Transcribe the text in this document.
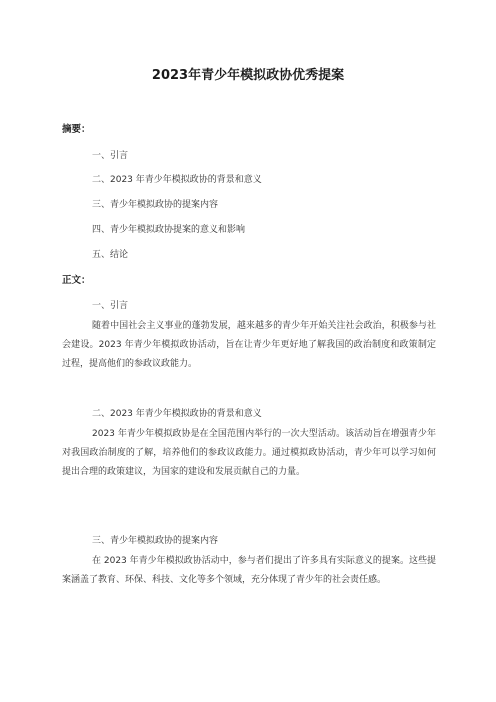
2023年青少年模拟政协优秀提案
摘要：
一、引言
二、2023 年青少年模拟政协的背景和意义
三、青少年模拟政协的提案内容
四、青少年模拟政协提案的意义和影响
五、结论
正文：
一、引言

随着中国社会主义事业的蓬勃发展，越来越多的青少年开始关注社会政治，积极参与社会建设。2023 年青少年模拟政协活动，旨在让青少年更好地了解我国的政治制度和政策制定过程，提高他们的参政议政能力。

二、2023 年青少年模拟政协的背景和意义

2023 年青少年模拟政协是在全国范围内举行的一次大型活动。该活动旨在增强青少年对我国政治制度的了解，培养他们的参政议政能力。通过模拟政协活动，青少年可以学习如何提出合理的政策建议，为国家的建设和发展贡献自己的力量。

三、青少年模拟政协的提案内容

在 2023 年青少年模拟政协活动中，参与者们提出了许多具有实际意义的提案。这些提案涵盖了教育、环保、科技、文化等多个领域，充分体现了青少年的社会责任感。
